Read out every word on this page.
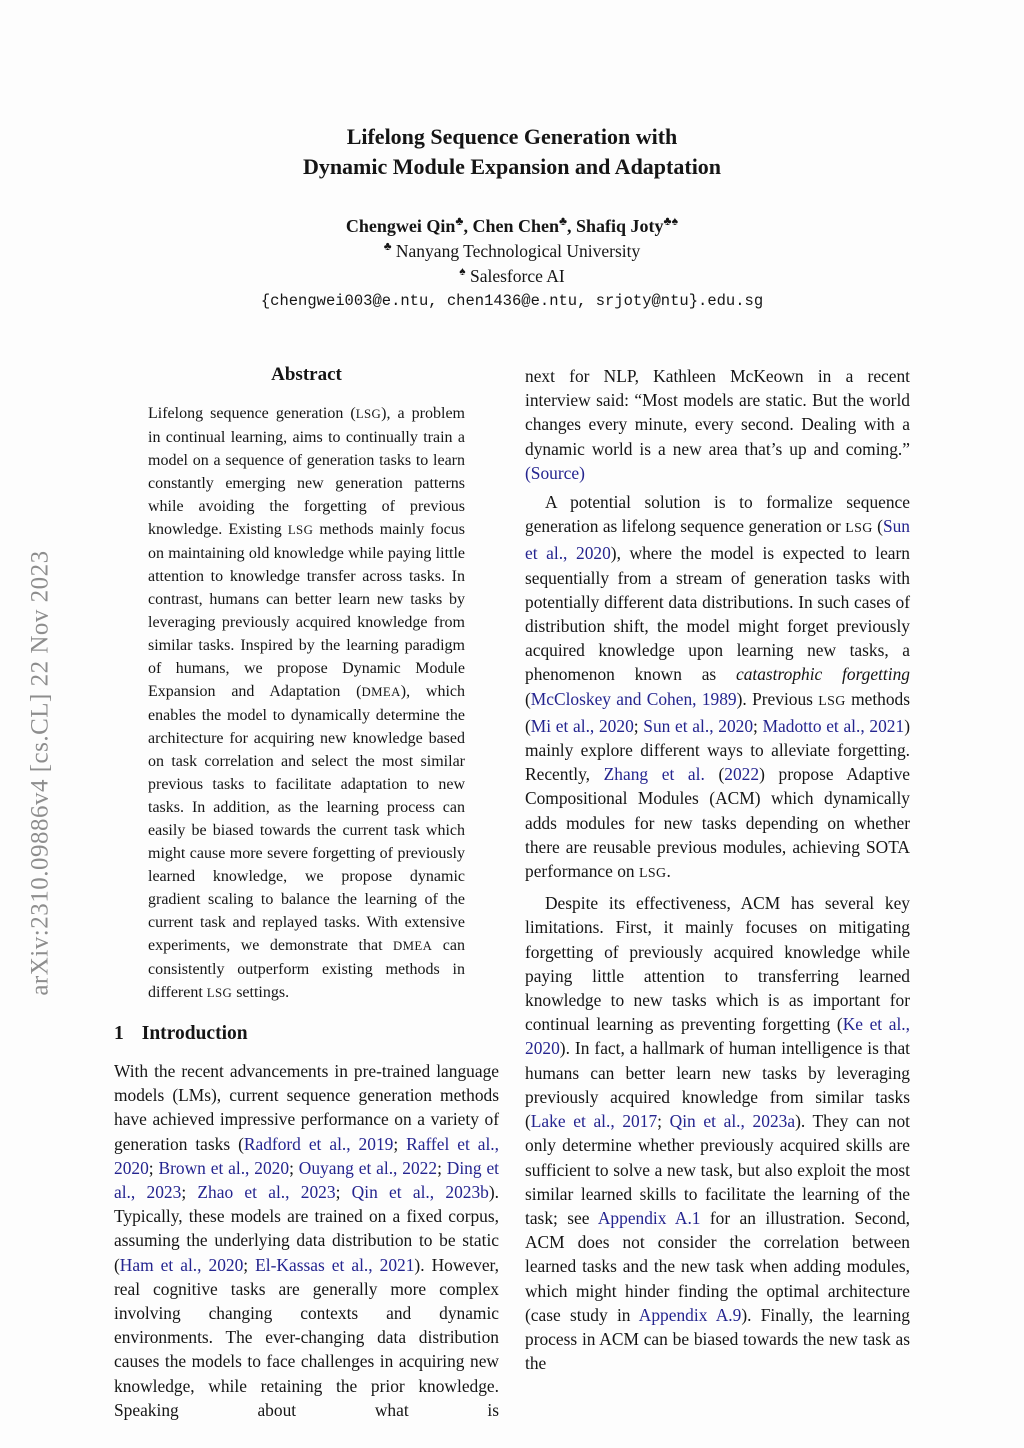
arXiv:2310.09886v4 [cs.CL] 22 Nov 2023
Lifelong Sequence Generation with
Dynamic Module Expansion and Adaptation
Chengwei Qin♣, Chen Chen♣, Shafiq Joty♣♠
♣ Nanyang Technological University
♠ Salesforce AI
{chengwei003@e.ntu, chen1436@e.ntu, srjoty@ntu}.edu.sg
Abstract

Lifelong sequence generation (LSG), a problem in continual learning, aims to continually train a model on a sequence of generation tasks to learn constantly emerging new generation patterns while avoiding the forgetting of previous knowledge. Existing LSG methods mainly focus on maintaining old knowledge while paying little attention to knowledge transfer across tasks. In contrast, humans can better learn new tasks by leveraging previously acquired knowledge from similar tasks. Inspired by the learning paradigm of humans, we propose Dynamic Module Expansion and Adaptation (DMEA), which enables the model to dynamically determine the architecture for acquiring new knowledge based on task correlation and select the most similar previous tasks to facilitate adaptation to new tasks. In addition, as the learning process can easily be biased towards the current task which might cause more severe forgetting of previously learned knowledge, we propose dynamic gradient scaling to balance the learning of the current task and replayed tasks. With extensive experiments, we demonstrate that DMEA can consistently outperform existing methods in different LSG settings.

1 Introduction

With the recent advancements in pre-trained language models (LMs), current sequence generation methods have achieved impressive performance on a variety of generation tasks (Radford et al., 2019; Raffel et al., 2020; Brown et al., 2020; Ouyang et al., 2022; Ding et al., 2023; Zhao et al., 2023; Qin et al., 2023b). Typically, these models are trained on a fixed corpus, assuming the underlying data distribution to be static (Ham et al., 2020; El-Kassas et al., 2021). However, real cognitive tasks are generally more complex involving changing contexts and dynamic environments. The ever-changing data distribution causes the models to face challenges in acquiring new knowledge, while retaining the prior knowledge. Speaking about what is

next for NLP, Kathleen McKeown in a recent interview said: “Most models are static. But the world changes every minute, every second. Dealing with a dynamic world is a new area that’s up and coming.” (Source)

A potential solution is to formalize sequence generation as lifelong sequence generation or LSG (Sun et al., 2020), where the model is expected to learn sequentially from a stream of generation tasks with potentially different data distributions. In such cases of distribution shift, the model might forget previously acquired knowledge upon learning new tasks, a phenomenon known as catastrophic forgetting (McCloskey and Cohen, 1989). Previous LSG methods (Mi et al., 2020; Sun et al., 2020; Madotto et al., 2021) mainly explore different ways to alleviate forgetting. Recently, Zhang et al. (2022) propose Adaptive Compositional Modules (ACM) which dynamically adds modules for new tasks depending on whether there are reusable previous modules, achieving SOTA performance on LSG.

Despite its effectiveness, ACM has several key limitations. First, it mainly focuses on mitigating forgetting of previously acquired knowledge while paying little attention to transferring learned knowledge to new tasks which is as important for continual learning as preventing forgetting (Ke et al., 2020). In fact, a hallmark of human intelligence is that humans can better learn new tasks by leveraging previously acquired knowledge from similar tasks (Lake et al., 2017; Qin et al., 2023a). They can not only determine whether previously acquired skills are sufficient to solve a new task, but also exploit the most similar learned skills to facilitate the learning of the task; see Appendix A.1 for an illustration. Second, ACM does not consider the correlation between learned tasks and the new task when adding modules, which might hinder finding the optimal architecture (case study in Appendix A.9). Finally, the learning process in ACM can be biased towards the new task as the
